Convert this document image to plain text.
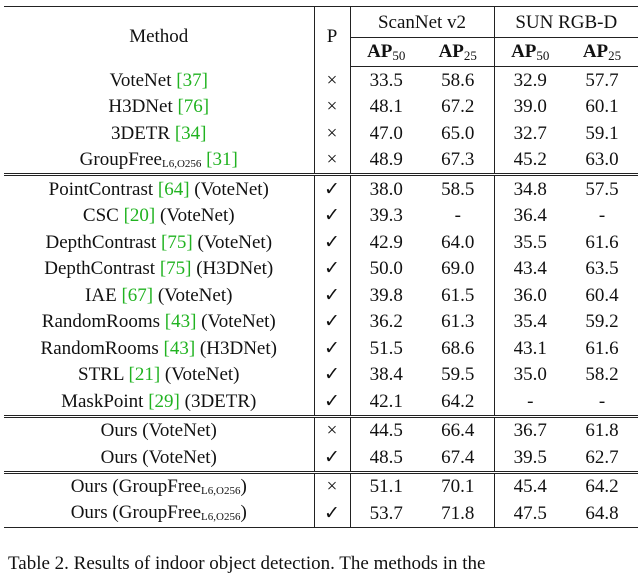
Method	P	ScanNet v2		SUN RGB-D	
		$AP_{50}$	$AP_{25}$	$AP_{50}$	$AP_{25}$
VoteNet [37]	×	33.5	58.6	32.9	57.7
H3DNet [76]	×	48.1	67.2	39.0	60.1
3DETR [34]	×	47.0	65.0	32.7	59.1
GroupFreeL6,O256 [31]	×	48.9	67.3	45.2	63.0
PointContrast [64] (VoteNet)	✓	38.0	58.5	34.8	57.5
CSC [20] (VoteNet)	✓	39.3	-	36.4	-
DepthContrast [75] (VoteNet)	✓	42.9	64.0	35.5	61.6
DepthContrast [75] (H3DNet)	✓	50.0	69.0	43.4	63.5
IAE [67] (VoteNet)	✓	39.8	61.5	36.0	60.4
RandomRooms [43] (VoteNet)	✓	36.2	61.3	35.4	59.2
RandomRooms [43] (H3DNet)	✓	51.5	68.6	43.1	61.6
STRL [21] (VoteNet)	✓	38.4	59.5	35.0	58.2
MaskPoint [29] (3DETR)	✓	42.1	64.2	-	-
Ours (VoteNet)	×	44.5	66.4	36.7	61.8
Ours (VoteNet)	✓	48.5	67.4	39.5	62.7
Ours (GroupFreeL6,O256)	×	51.1	70.1	45.4	64.2
Ours (GroupFreeL6,O256)	✓	53.7	71.8	47.5	64.8
Table 2. Results of indoor object detection. The methods in the
